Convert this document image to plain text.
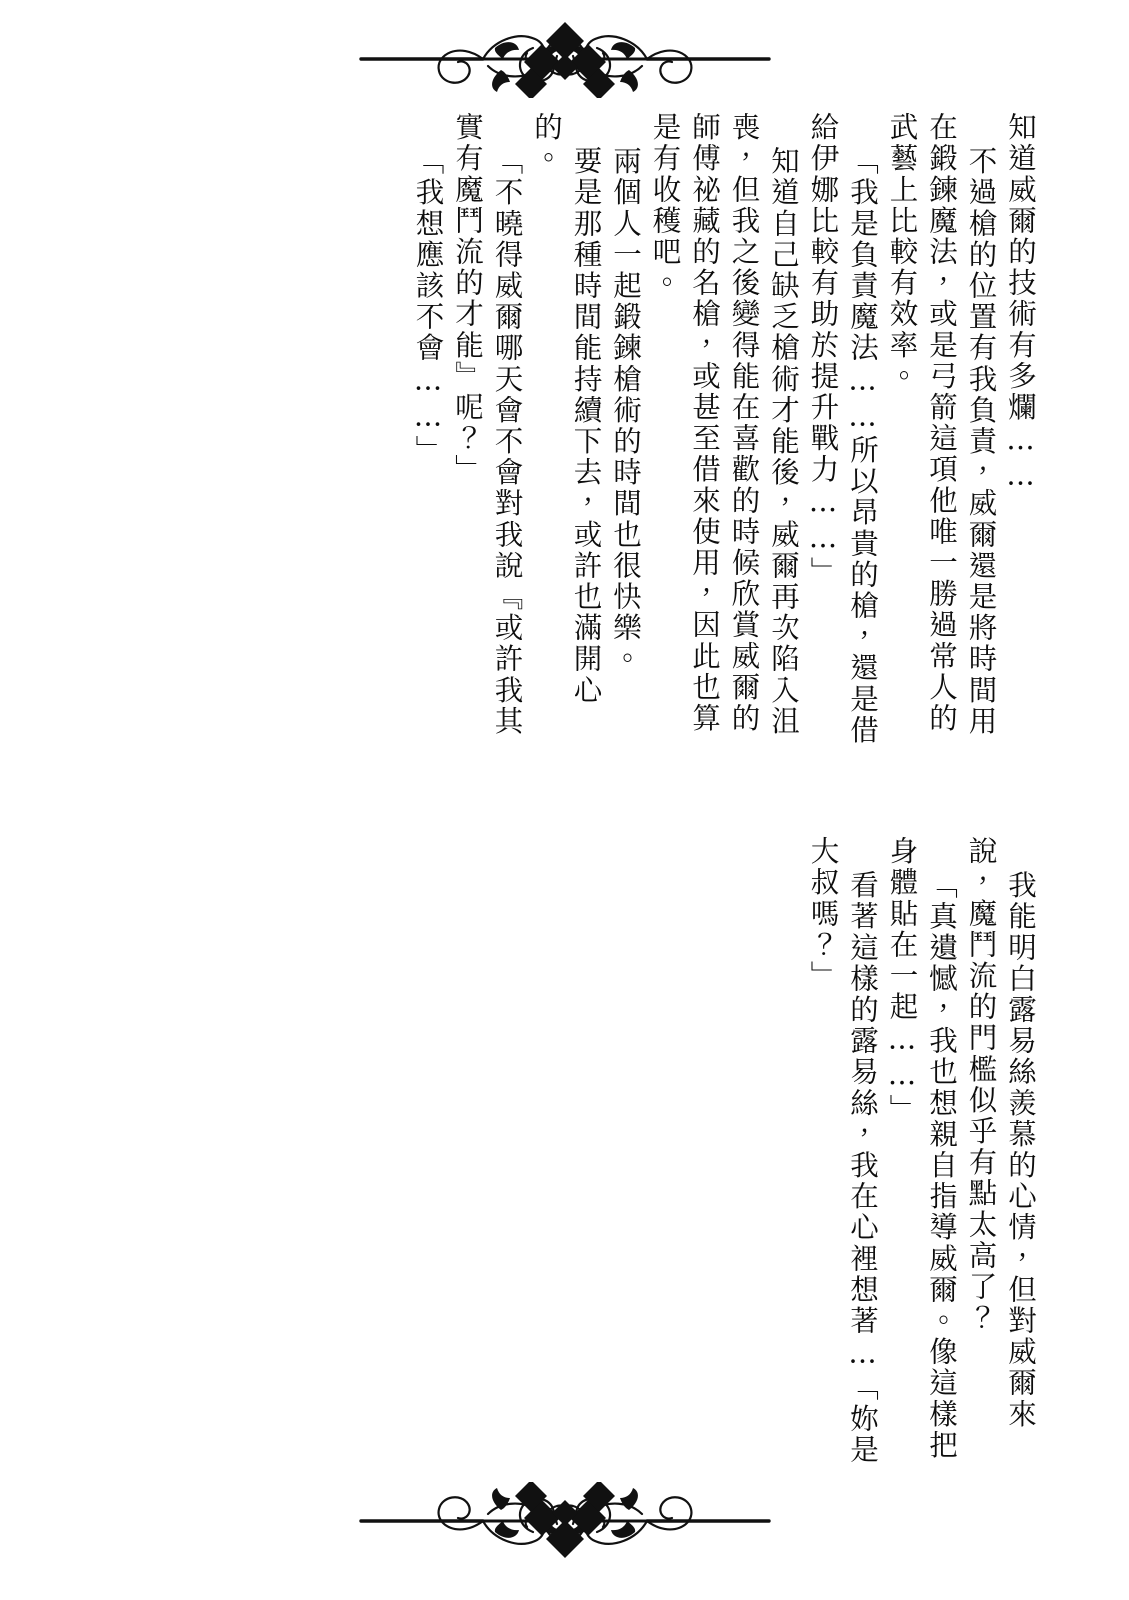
知道威爾的技術有多爛……
不過槍的位置有我負責，威爾還是將時間用
在鍛鍊魔法，或是弓箭這項他唯一勝過常人的
武藝上比較有效率。
「我是負責魔法……所以昂貴的槍，還是借
給伊娜比較有助於提升戰力……」
知道自己缺乏槍術才能後，威爾再次陷入沮
喪，但我之後變得能在喜歡的時候欣賞威爾的
師傅祕藏的名槍，或甚至借來使用，因此也算
是有收穫吧。
兩個人一起鍛鍊槍術的時間也很快樂。
要是那種時間能持續下去，或許也滿開心
的。
「不曉得威爾哪天會不會對我說『或許我其
實有魔鬥流的才能』呢？」
「我想應該不會……」
我能明白露易絲羨慕的心情，但對威爾來
說，魔鬥流的門檻似乎有點太高了？
「真遺憾，我也想親自指導威爾。像這樣把
身體貼在一起……」
看著這樣的露易絲，我在心裡想著…「妳是
大叔嗎？」
